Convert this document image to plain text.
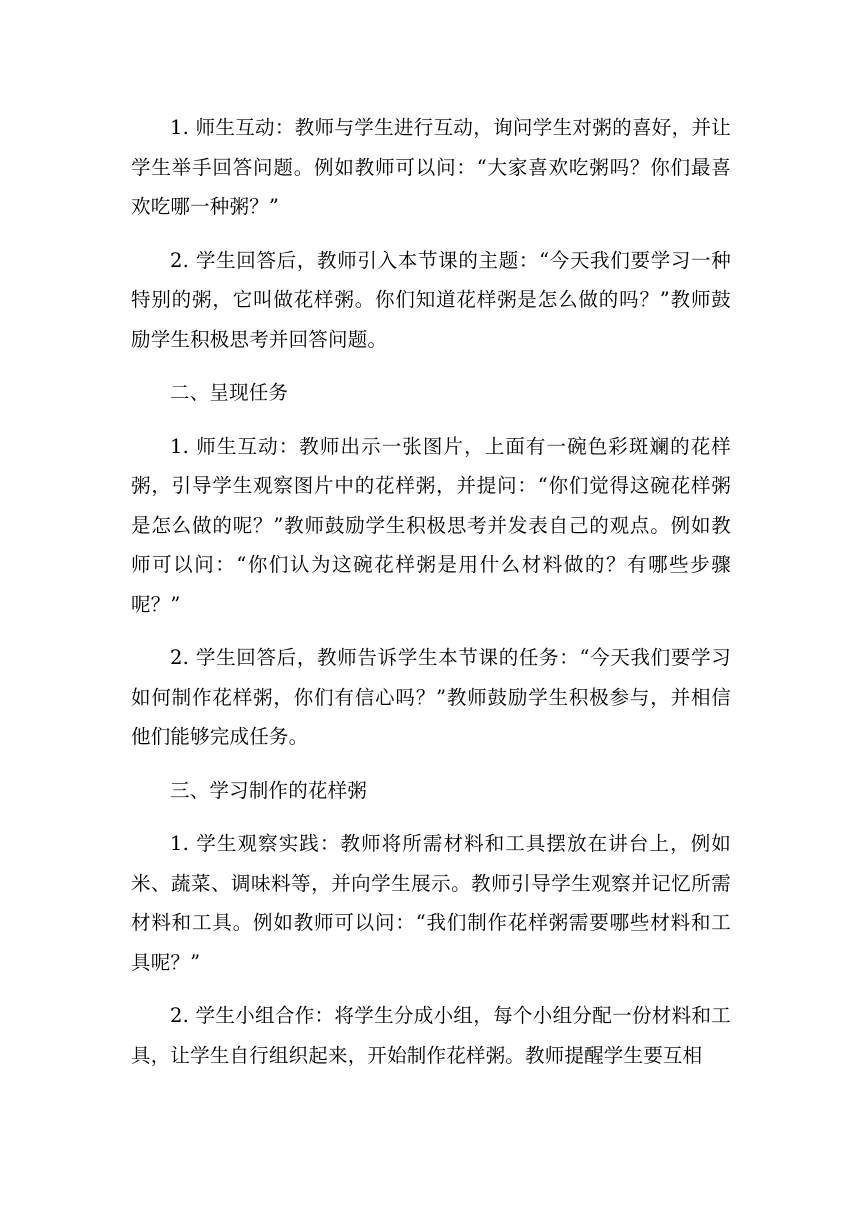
1. 师生互动：教师与学生进行互动，询问学生对粥的喜好，并让学生举手回答问题。例如教师可以问：“大家喜欢吃粥吗？你们最喜欢吃哪一种粥？”

2. 学生回答后，教师引入本节课的主题：“今天我们要学习一种特别的粥，它叫做花样粥。你们知道花样粥是怎么做的吗？”教师鼓励学生积极思考并回答问题。

二、呈现任务

1. 师生互动：教师出示一张图片，上面有一碗色彩斑斓的花样粥，引导学生观察图片中的花样粥，并提问：“你们觉得这碗花样粥是怎么做的呢？”教师鼓励学生积极思考并发表自己的观点。例如教师可以问：“你们认为这碗花样粥是用什么材料做的？有哪些步骤呢？”

2. 学生回答后，教师告诉学生本节课的任务：“今天我们要学习如何制作花样粥，你们有信心吗？”教师鼓励学生积极参与，并相信他们能够完成任务。

三、学习制作的花样粥

1. 学生观察实践：教师将所需材料和工具摆放在讲台上，例如米、蔬菜、调味料等，并向学生展示。教师引导学生观察并记忆所需材料和工具。例如教师可以问：“我们制作花样粥需要哪些材料和工具呢？”

2. 学生小组合作：将学生分成小组，每个小组分配一份材料和工具，让学生自行组织起来，开始制作花样粥。教师提醒学生要互相
